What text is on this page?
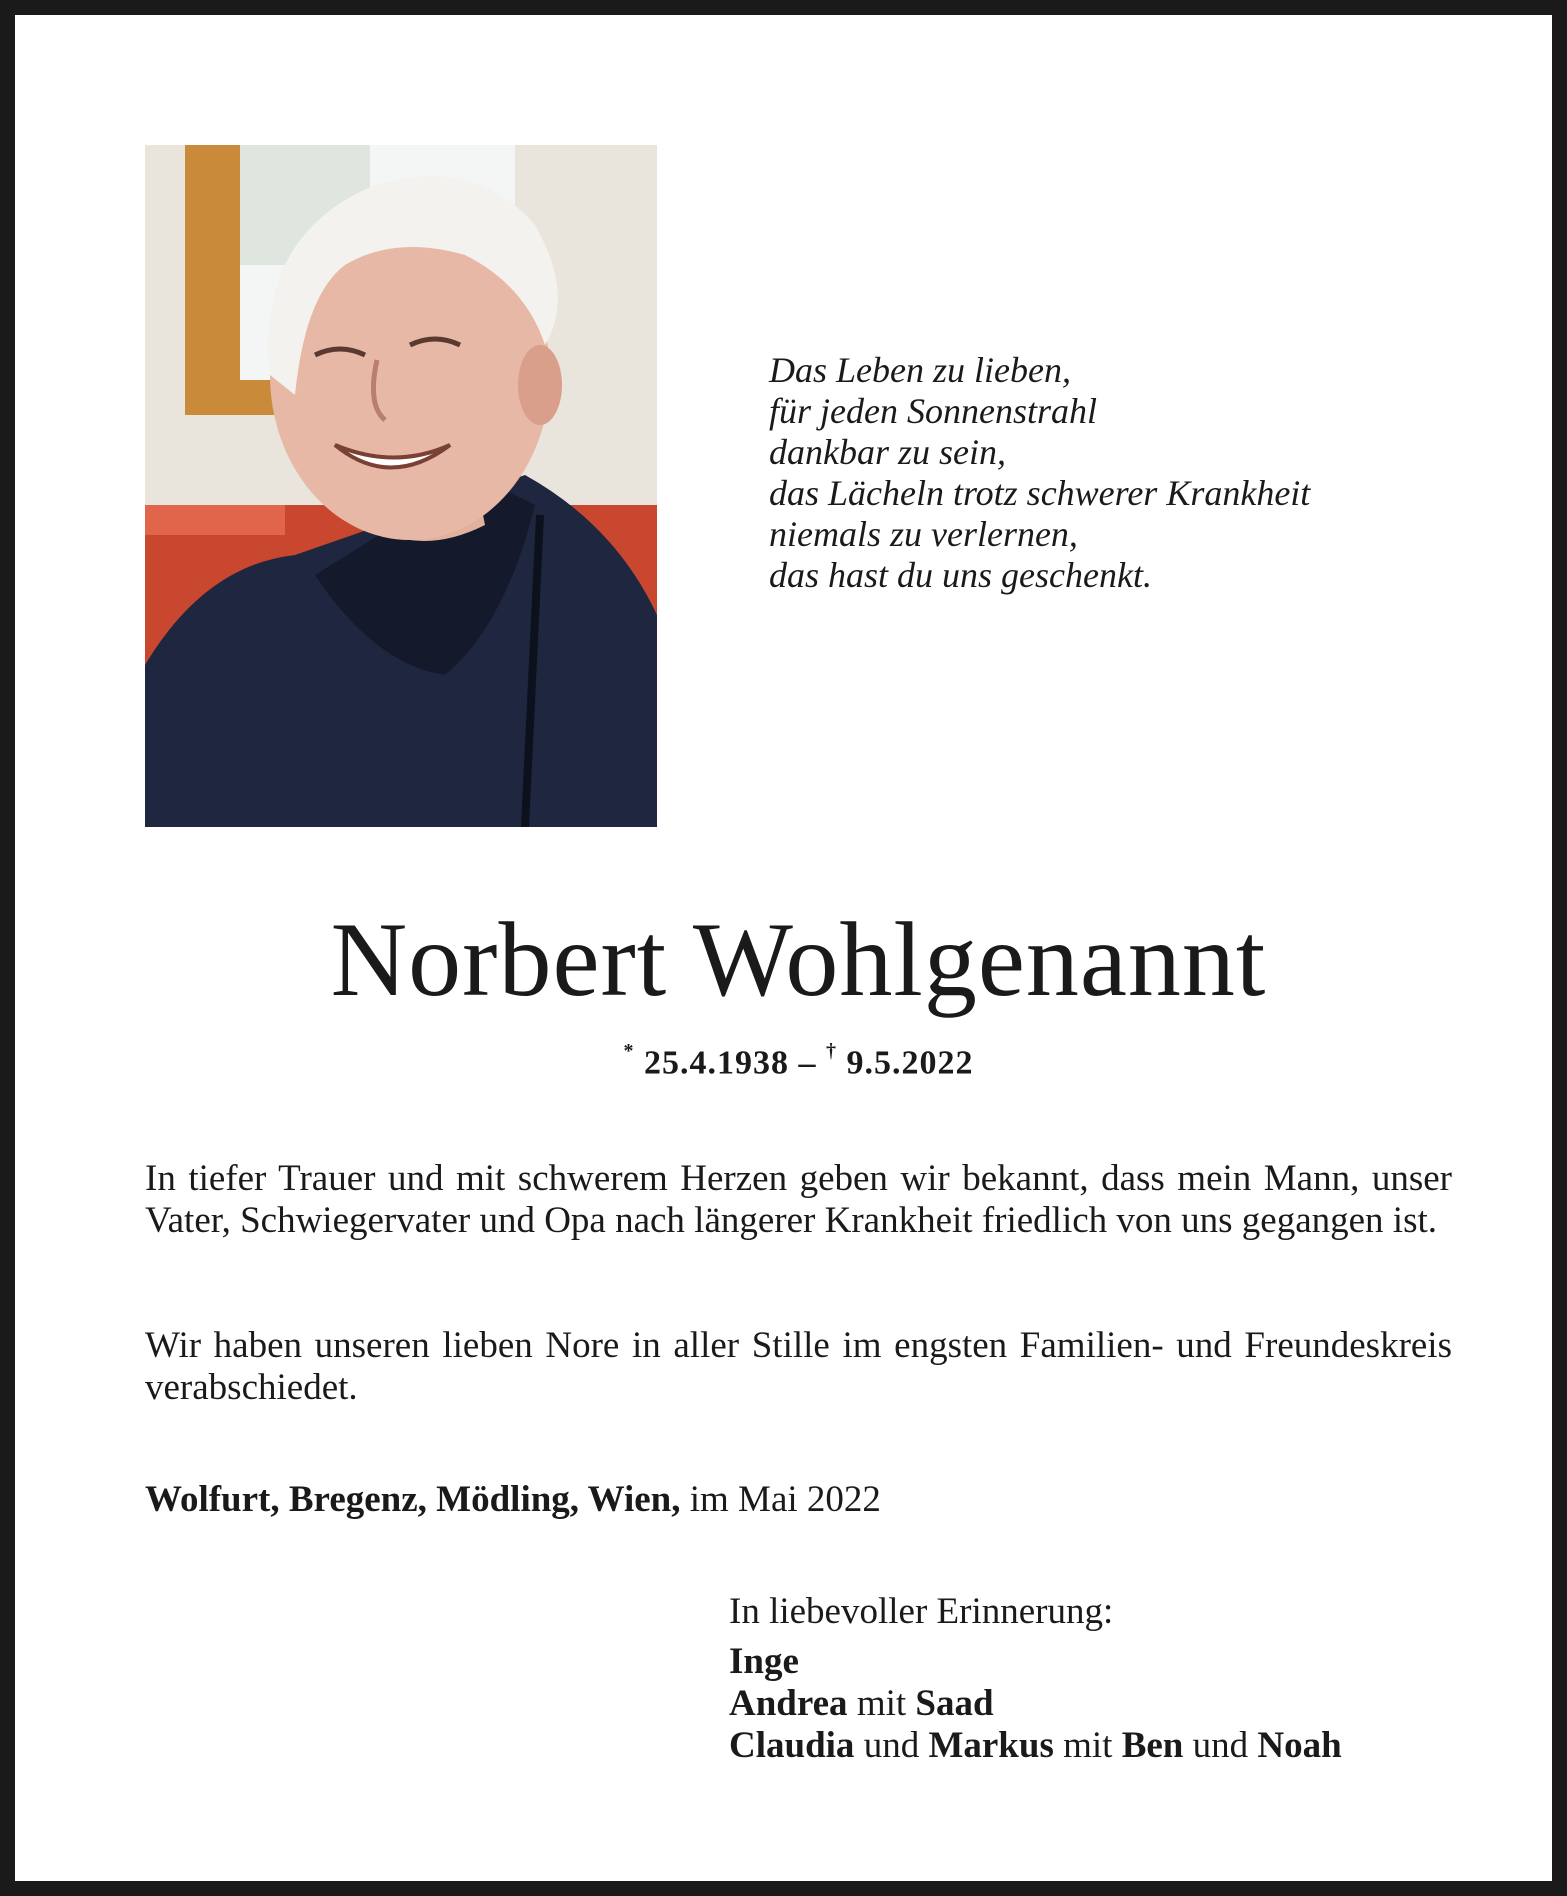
Das Leben zu lieben,
für jeden Sonnenstrahl
dankbar zu sein,
das Lächeln trotz schwerer Krankheit
niemals zu verlernen,
das hast du uns geschenkt.
Norbert Wohlgenannt
* 25.4.1938 – † 9.5.2022
In tiefer Trauer und mit schwerem Herzen geben wir bekannt, dass mein Mann, unser Vater, Schwiegervater und Opa nach längerer Krankheit friedlich von uns gegangen ist.
Wir haben unseren lieben Nore in aller Stille im engsten Familien- und Freundeskreis verabschiedet.
Wolfurt, Bregenz, Mödling, Wien, im Mai 2022
In liebevoller Erinnerung:
Inge
Andrea mit Saad
Claudia und Markus mit Ben und Noah
